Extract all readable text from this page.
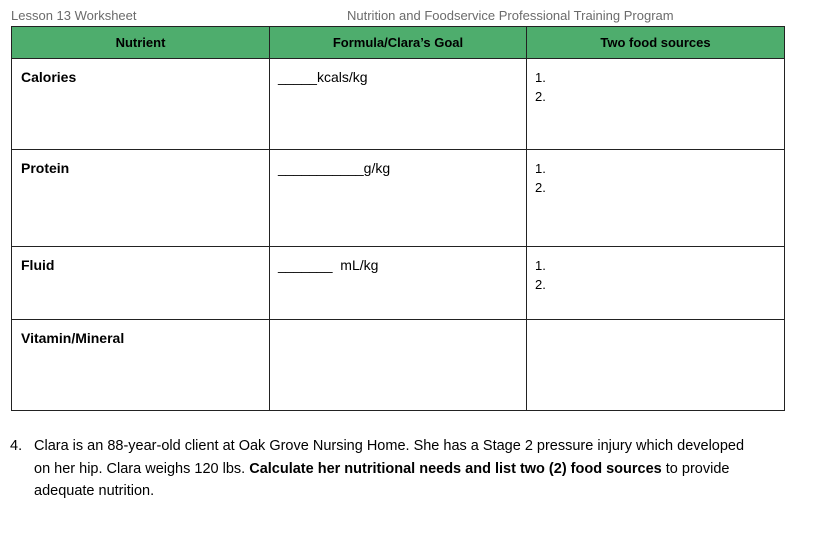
Lesson 13 Worksheet	Nutrition and Foodservice Professional Training Program
Nutrient	Formula/Clara’s Goal	Two food sources
Calories	_____kcals/kg	1.
2.

Protein	___________g/kg	1.
2.

Fluid	_______ mL/kg	1.
2.

Vitamin/Mineral		
4. Clara is an 88-year-old client at Oak Grove Nursing Home. She has a Stage 2 pressure injury which developed on her hip. Clara weighs 120 lbs. Calculate her nutritional needs and list two (2) food sources to provide adequate nutrition.
